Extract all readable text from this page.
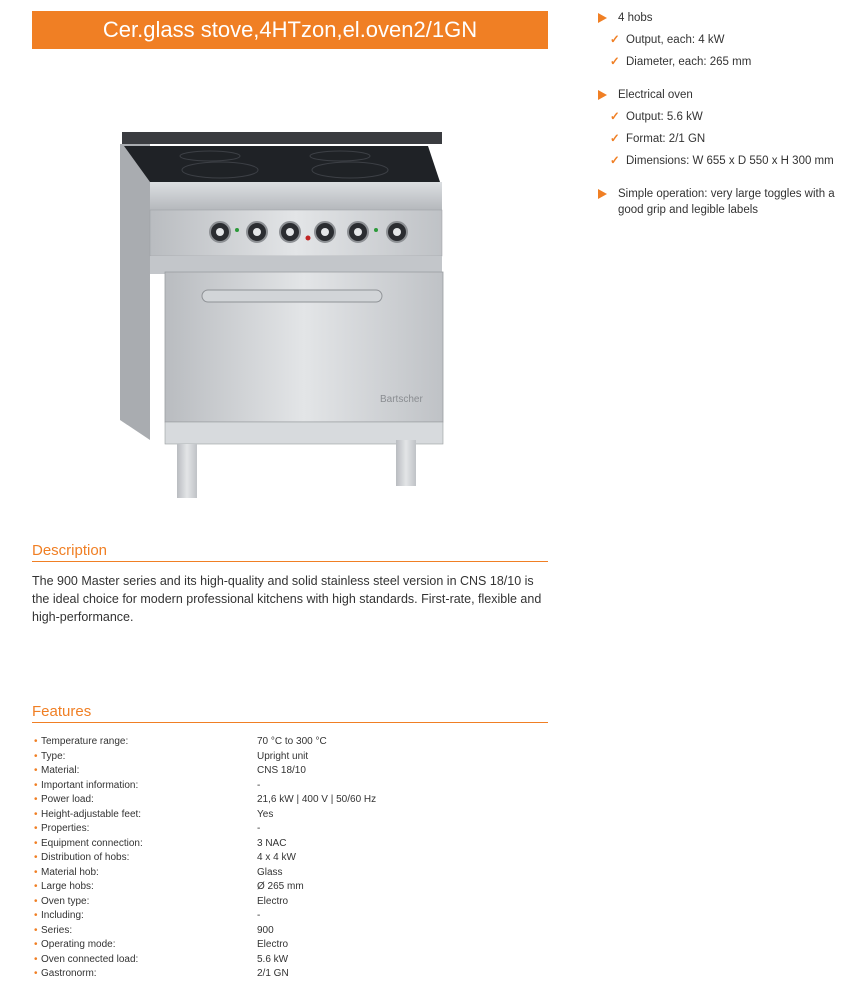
Cer.glass stove,4HTzon,el.oven2/1GN
Bartscher
Description
The 900 Master series and its high-quality and solid stainless steel version in CNS 18/10 is the ideal choice for modern professional kitchens with high standards. First-rate, flexible and high-performance.
Features
• Temperature range:	70 °C to 300 °C
• Type:	Upright unit
• Material:	CNS 18/10
• Important information:	-
• Power load:	21,6 kW | 400 V | 50/60 Hz
• Height-adjustable feet:	Yes
• Properties:	-
• Equipment connection:	3 NAC
• Distribution of hobs:	4 x 4 kW
• Material hob:	Glass
• Large hobs:	Ø 265 mm
• Oven type:	Electro
• Including:	-
• Series:	900
• Operating mode:	Electro
• Oven connected load:	5.6 kW
• Gastronorm:	2/1 GN
4 hobs
✓ Output, each: 4 kW
✓ Diameter, each: 265 mm
Electrical oven
✓ Output: 5.6 kW
✓ Format: 2/1 GN
✓ Dimensions: W 655 x D 550 x H 300 mm
Simple operation: very large toggles with a good grip and legible labels
